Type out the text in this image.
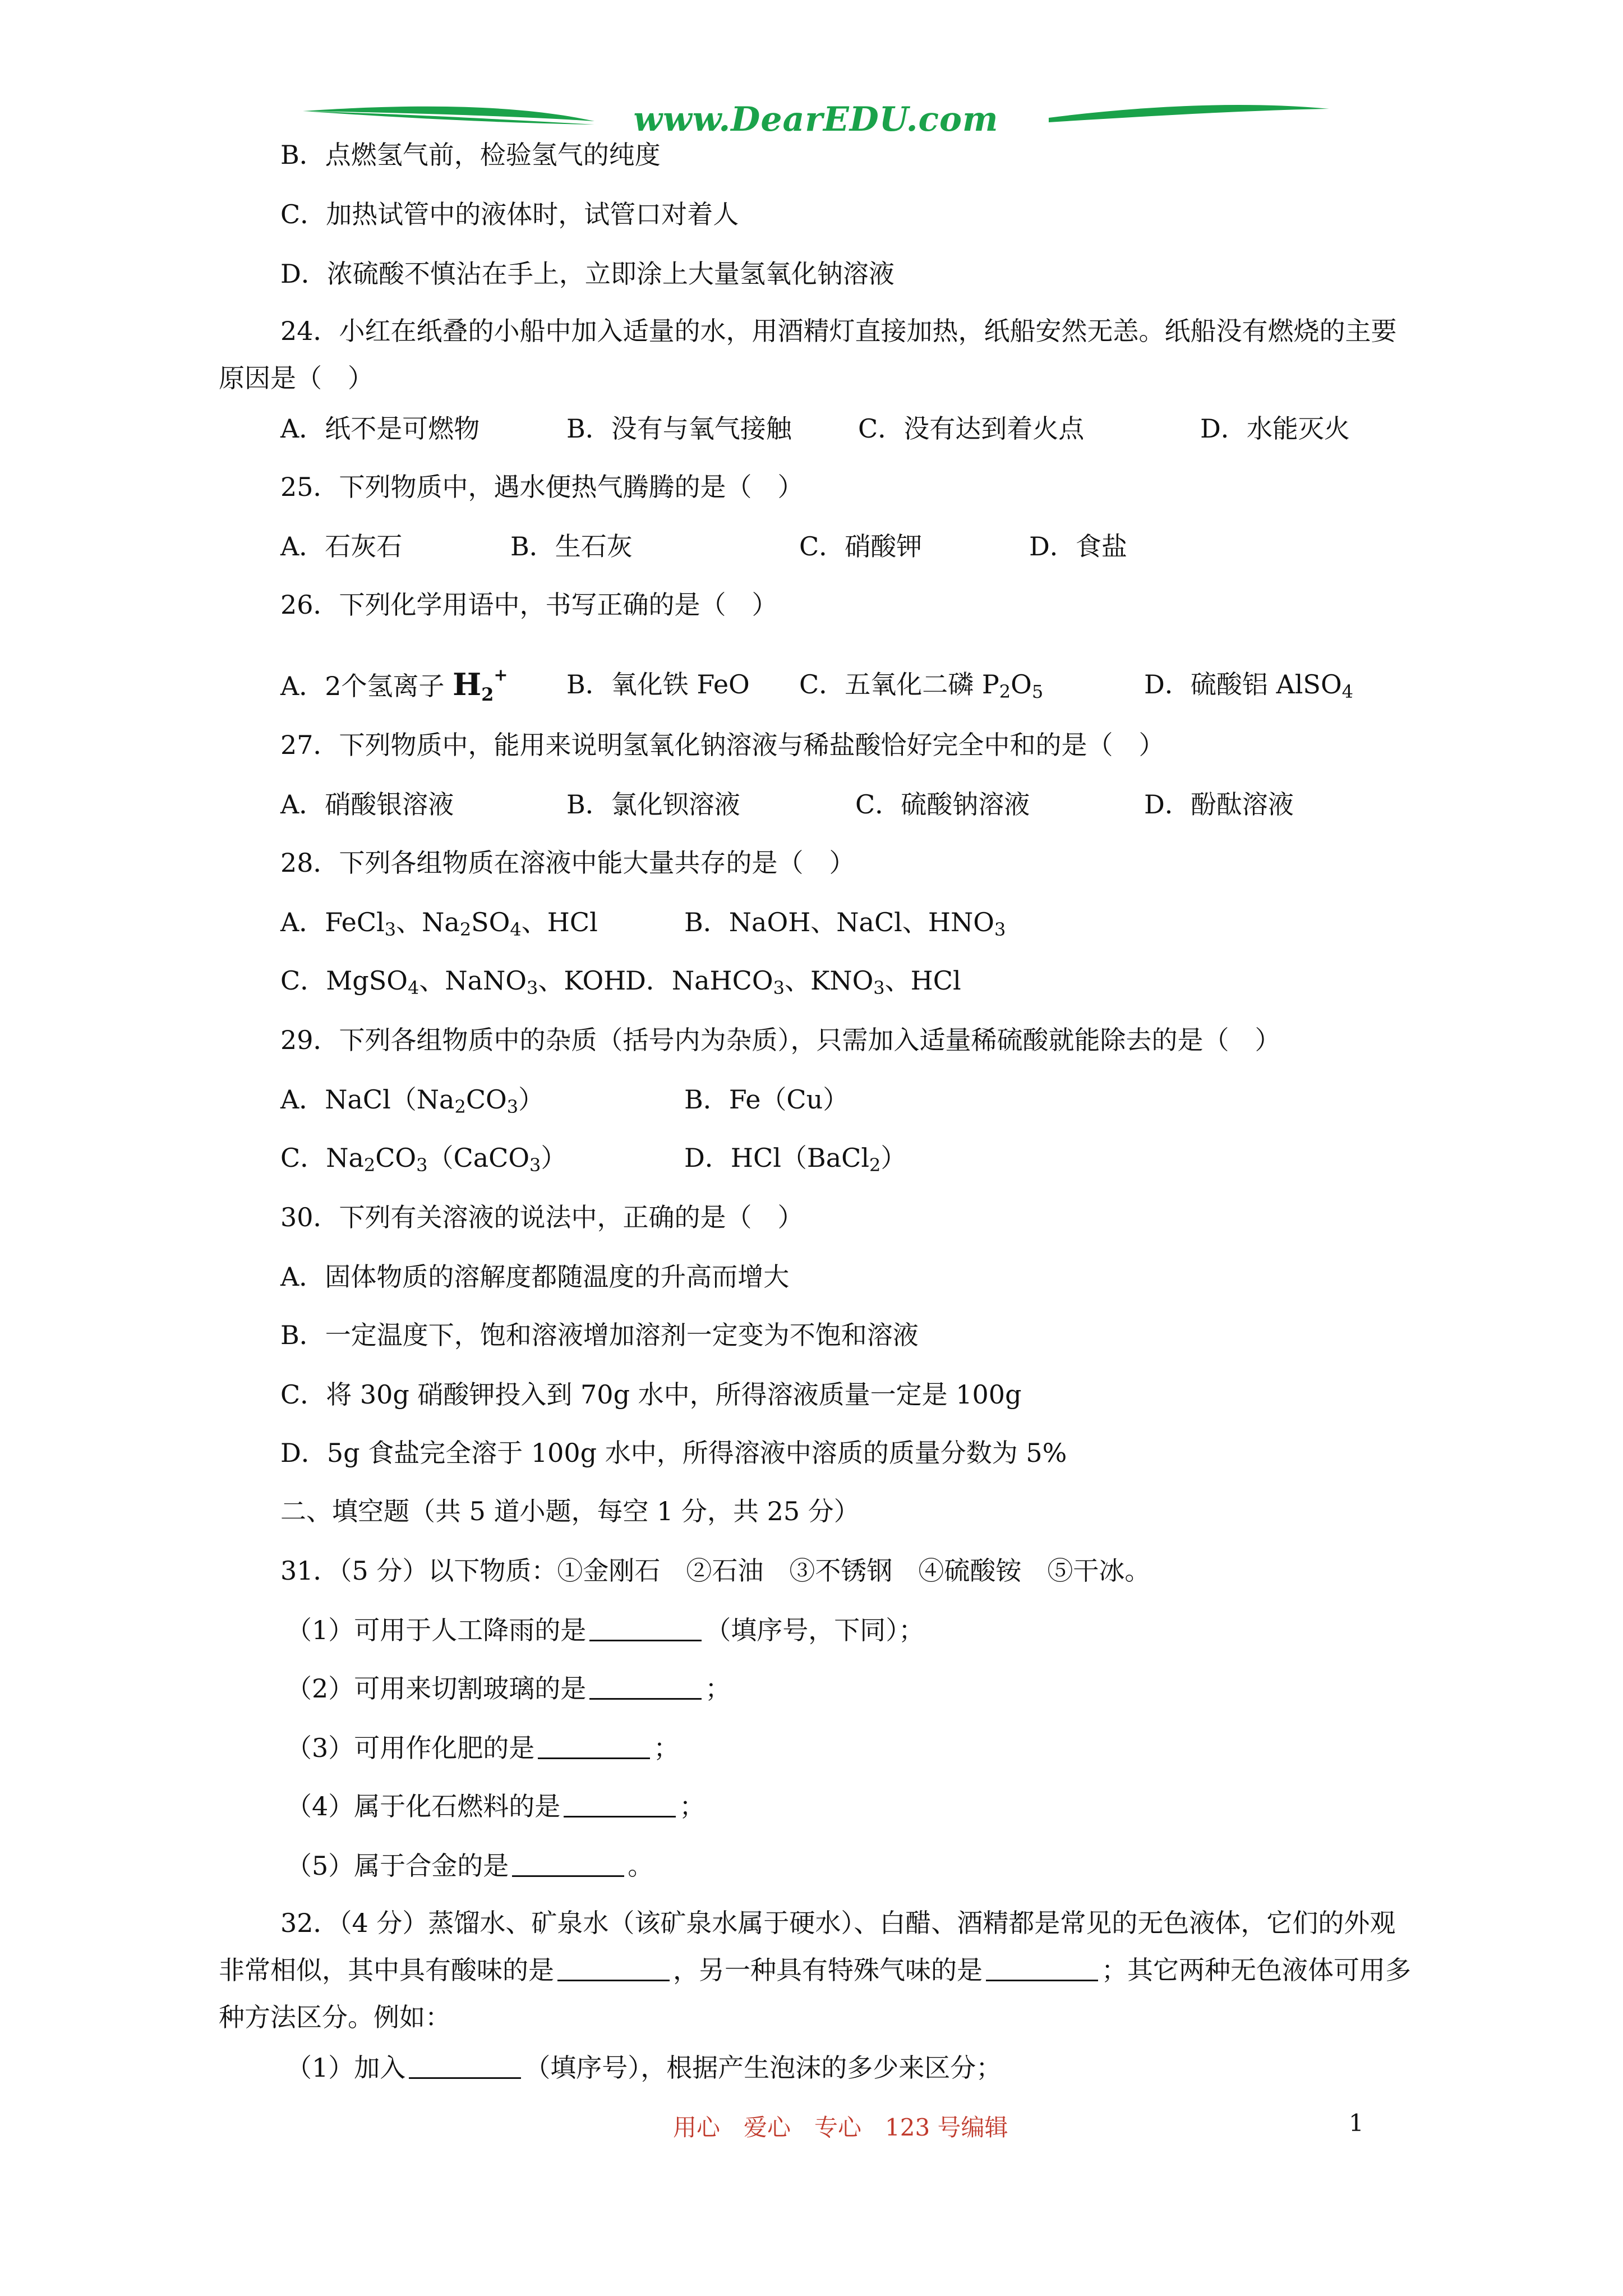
www.DearEDU.com
B．点燃氢气前，检验氢气的纯度
C．加热试管中的液体时，试管口对着人
D．浓硫酸不慎沾在手上，立即涂上大量氢氧化钠溶液
24．小红在纸叠的小船中加入适量的水，用酒精灯直接加热，纸船安然无恙。纸船没有燃烧的主要原因是（　）
A．纸不是可燃物	B．没有与氧气接触	C．没有达到着火点	D．水能灭火
25．下列物质中，遇水便热气腾腾的是（　）
A．石灰石	B．生石灰	C．硝酸钾	D．食盐
26．下列化学用语中，书写正确的是（　）
A．2个氢离子 $H_2^+$ B．氧化铁 FeO C．五氧化二磷 $P_2O_5$	D．硫酸铝 AlSO$_4$
27．下列物质中，能用来说明氢氧化钠溶液与稀盐酸恰好完全中和的是（　）
A．硝酸银溶液	B．氯化钡溶液	C．硫酸钠溶液	D．酚酞溶液
28．下列各组物质在溶液中能大量共存的是（　）
A．FeCl$_3$、$Na_2SO_4$、HCl	B．NaOH、NaCl、$HNO_3$
C．MgSO$_4$、NaNO$_3$、KOH
D．NaHCO$_3$、$KNO_3$、HCl
29．下列各组物质中的杂质（括号内为杂质），只需加入适量稀硫酸就能除去的是（　）
A．$NaCl(Na_2CO_3)$	B．Fe（Cu）
C．$Na_2CO_3(CaCO_3)$	D．HCl（BaCl$_2$）
30．下列有关溶液的说法中，正确的是（　）
A．固体物质的溶解度都随温度的升高而增大
B．一定温度下，饱和溶液增加溶剂一定变为不饱和溶液
C．将 30g 硝酸钾投入到 70g 水中，所得溶液质量一定是 100g
D．5g 食盐完全溶于 100g 水中，所得溶液中溶质的质量分数为 5%
二、填空题（共 5 道小题，每空 1 分，共 25 分）
31．（5 分）以下物质：①金刚石　②石油　③不锈钢　④硫酸铵　⑤干冰。
（1）可用于人工降雨的是	（填序号，下同）；
（2）可用来切割玻璃的是	；
（3）可用作化肥的是	；
（4）属于化石燃料的是	；
（5）属于合金的是	。
32．（4 分）蒸馏水、矿泉水（该矿泉水属于硬水）、白醋、酒精都是常见的无色液体，它们的外观非常相似，其中具有酸味的是	，另一种具有特殊气味的是	；其它两种无色液体可用多种方法区分。例如：
（1）加入	（填序号），根据产生泡沫的多少来区分；
用心　爱心　专心　123 号编辑	1
